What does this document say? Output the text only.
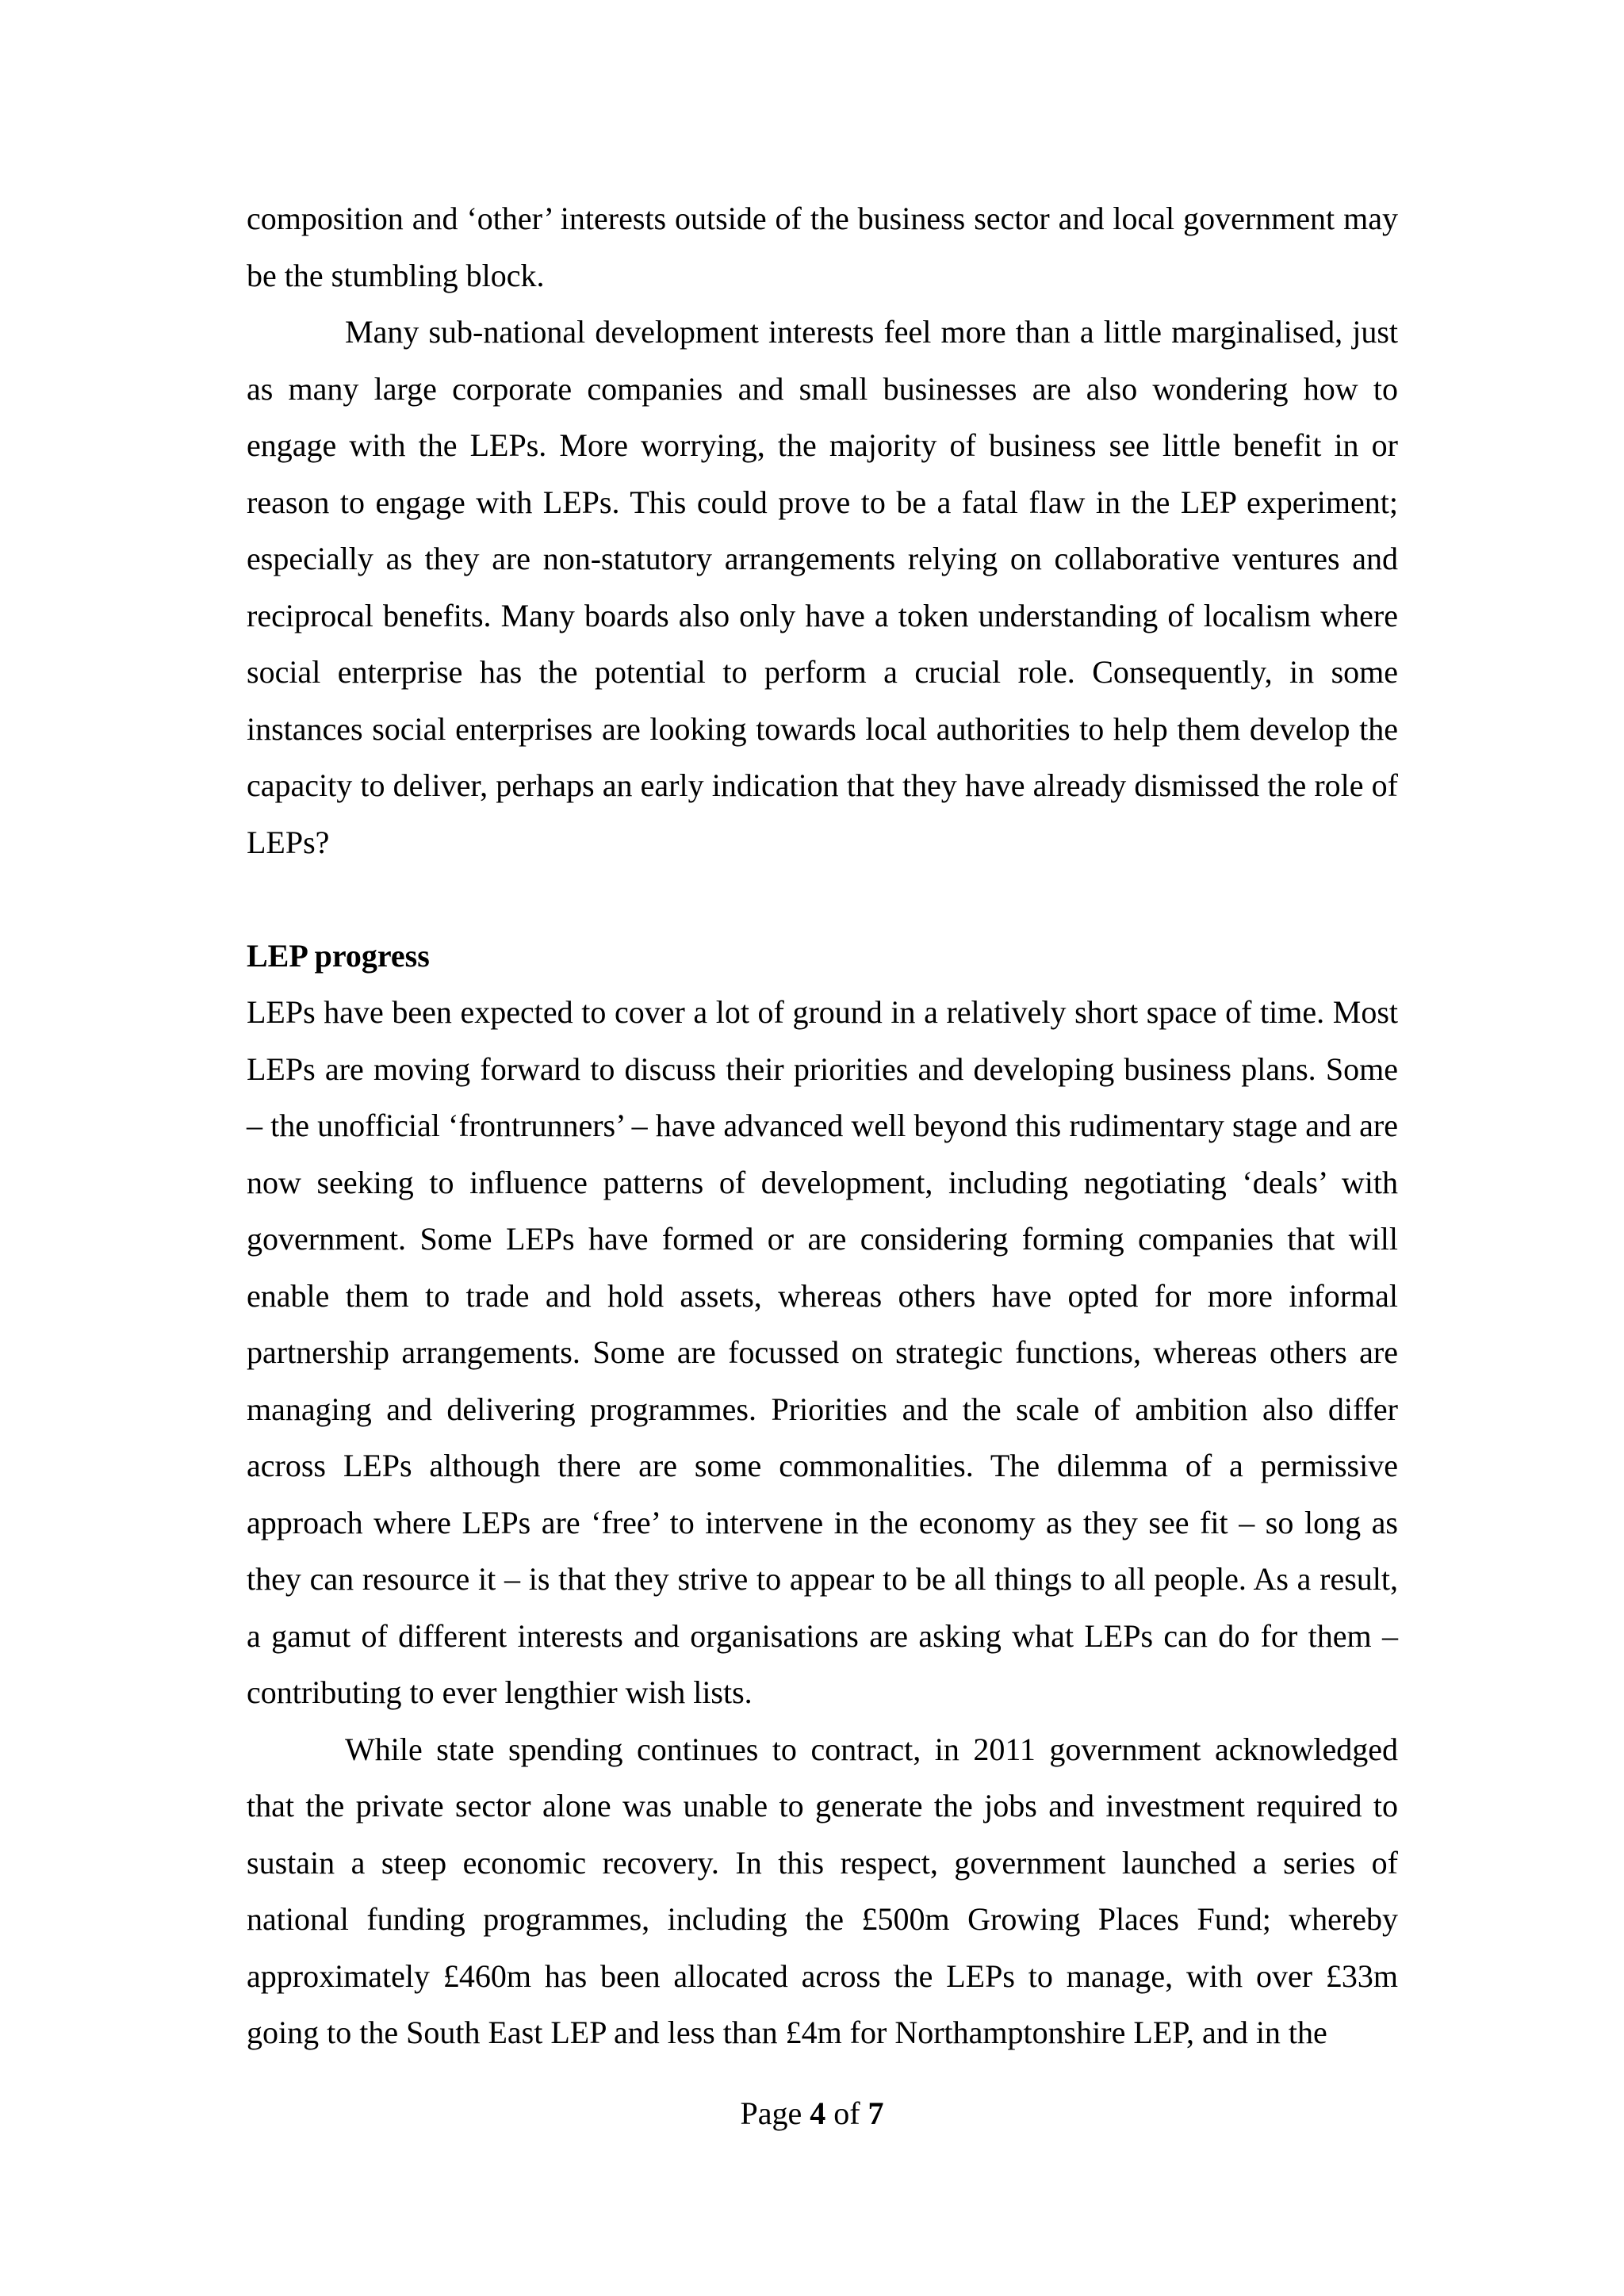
composition and ‘other’ interests outside of the business sector and local government may be the stumbling block.

Many sub-national development interests feel more than a little marginalised, just as many large corporate companies and small businesses are also wondering how to engage with the LEPs. More worrying, the majority of business see little benefit in or reason to engage with LEPs. This could prove to be a fatal flaw in the LEP experiment; especially as they are non-statutory arrangements relying on collaborative ventures and reciprocal benefits. Many boards also only have a token understanding of localism where social enterprise has the potential to perform a crucial role. Consequently, in some instances social enterprises are looking towards local authorities to help them develop the capacity to deliver, perhaps an early indication that they have already dismissed the role of LEPs?

LEP progress

LEPs have been expected to cover a lot of ground in a relatively short space of time. Most LEPs are moving forward to discuss their priorities and developing business plans. Some – the unofficial ‘frontrunners’ – have advanced well beyond this rudimentary stage and are now seeking to influence patterns of development, including negotiating ‘deals’ with government. Some LEPs have formed or are considering forming companies that will enable them to trade and hold assets, whereas others have opted for more informal partnership arrangements. Some are focussed on strategic functions, whereas others are managing and delivering programmes. Priorities and the scale of ambition also differ across LEPs although there are some commonalities. The dilemma of a permissive approach where LEPs are ‘free’ to intervene in the economy as they see fit – so long as they can resource it – is that they strive to appear to be all things to all people. As a result, a gamut of different interests and organisations are asking what LEPs can do for them – contributing to ever lengthier wish lists.

While state spending continues to contract, in 2011 government acknowledged that the private sector alone was unable to generate the jobs and investment required to sustain a steep economic recovery. In this respect, government launched a series of national funding programmes, including the £500m Growing Places Fund; whereby approximately £460m has been allocated across the LEPs to manage, with over £33m going to the South East LEP and less than £4m for Northamptonshire LEP, and in the

Page 4 of 7
